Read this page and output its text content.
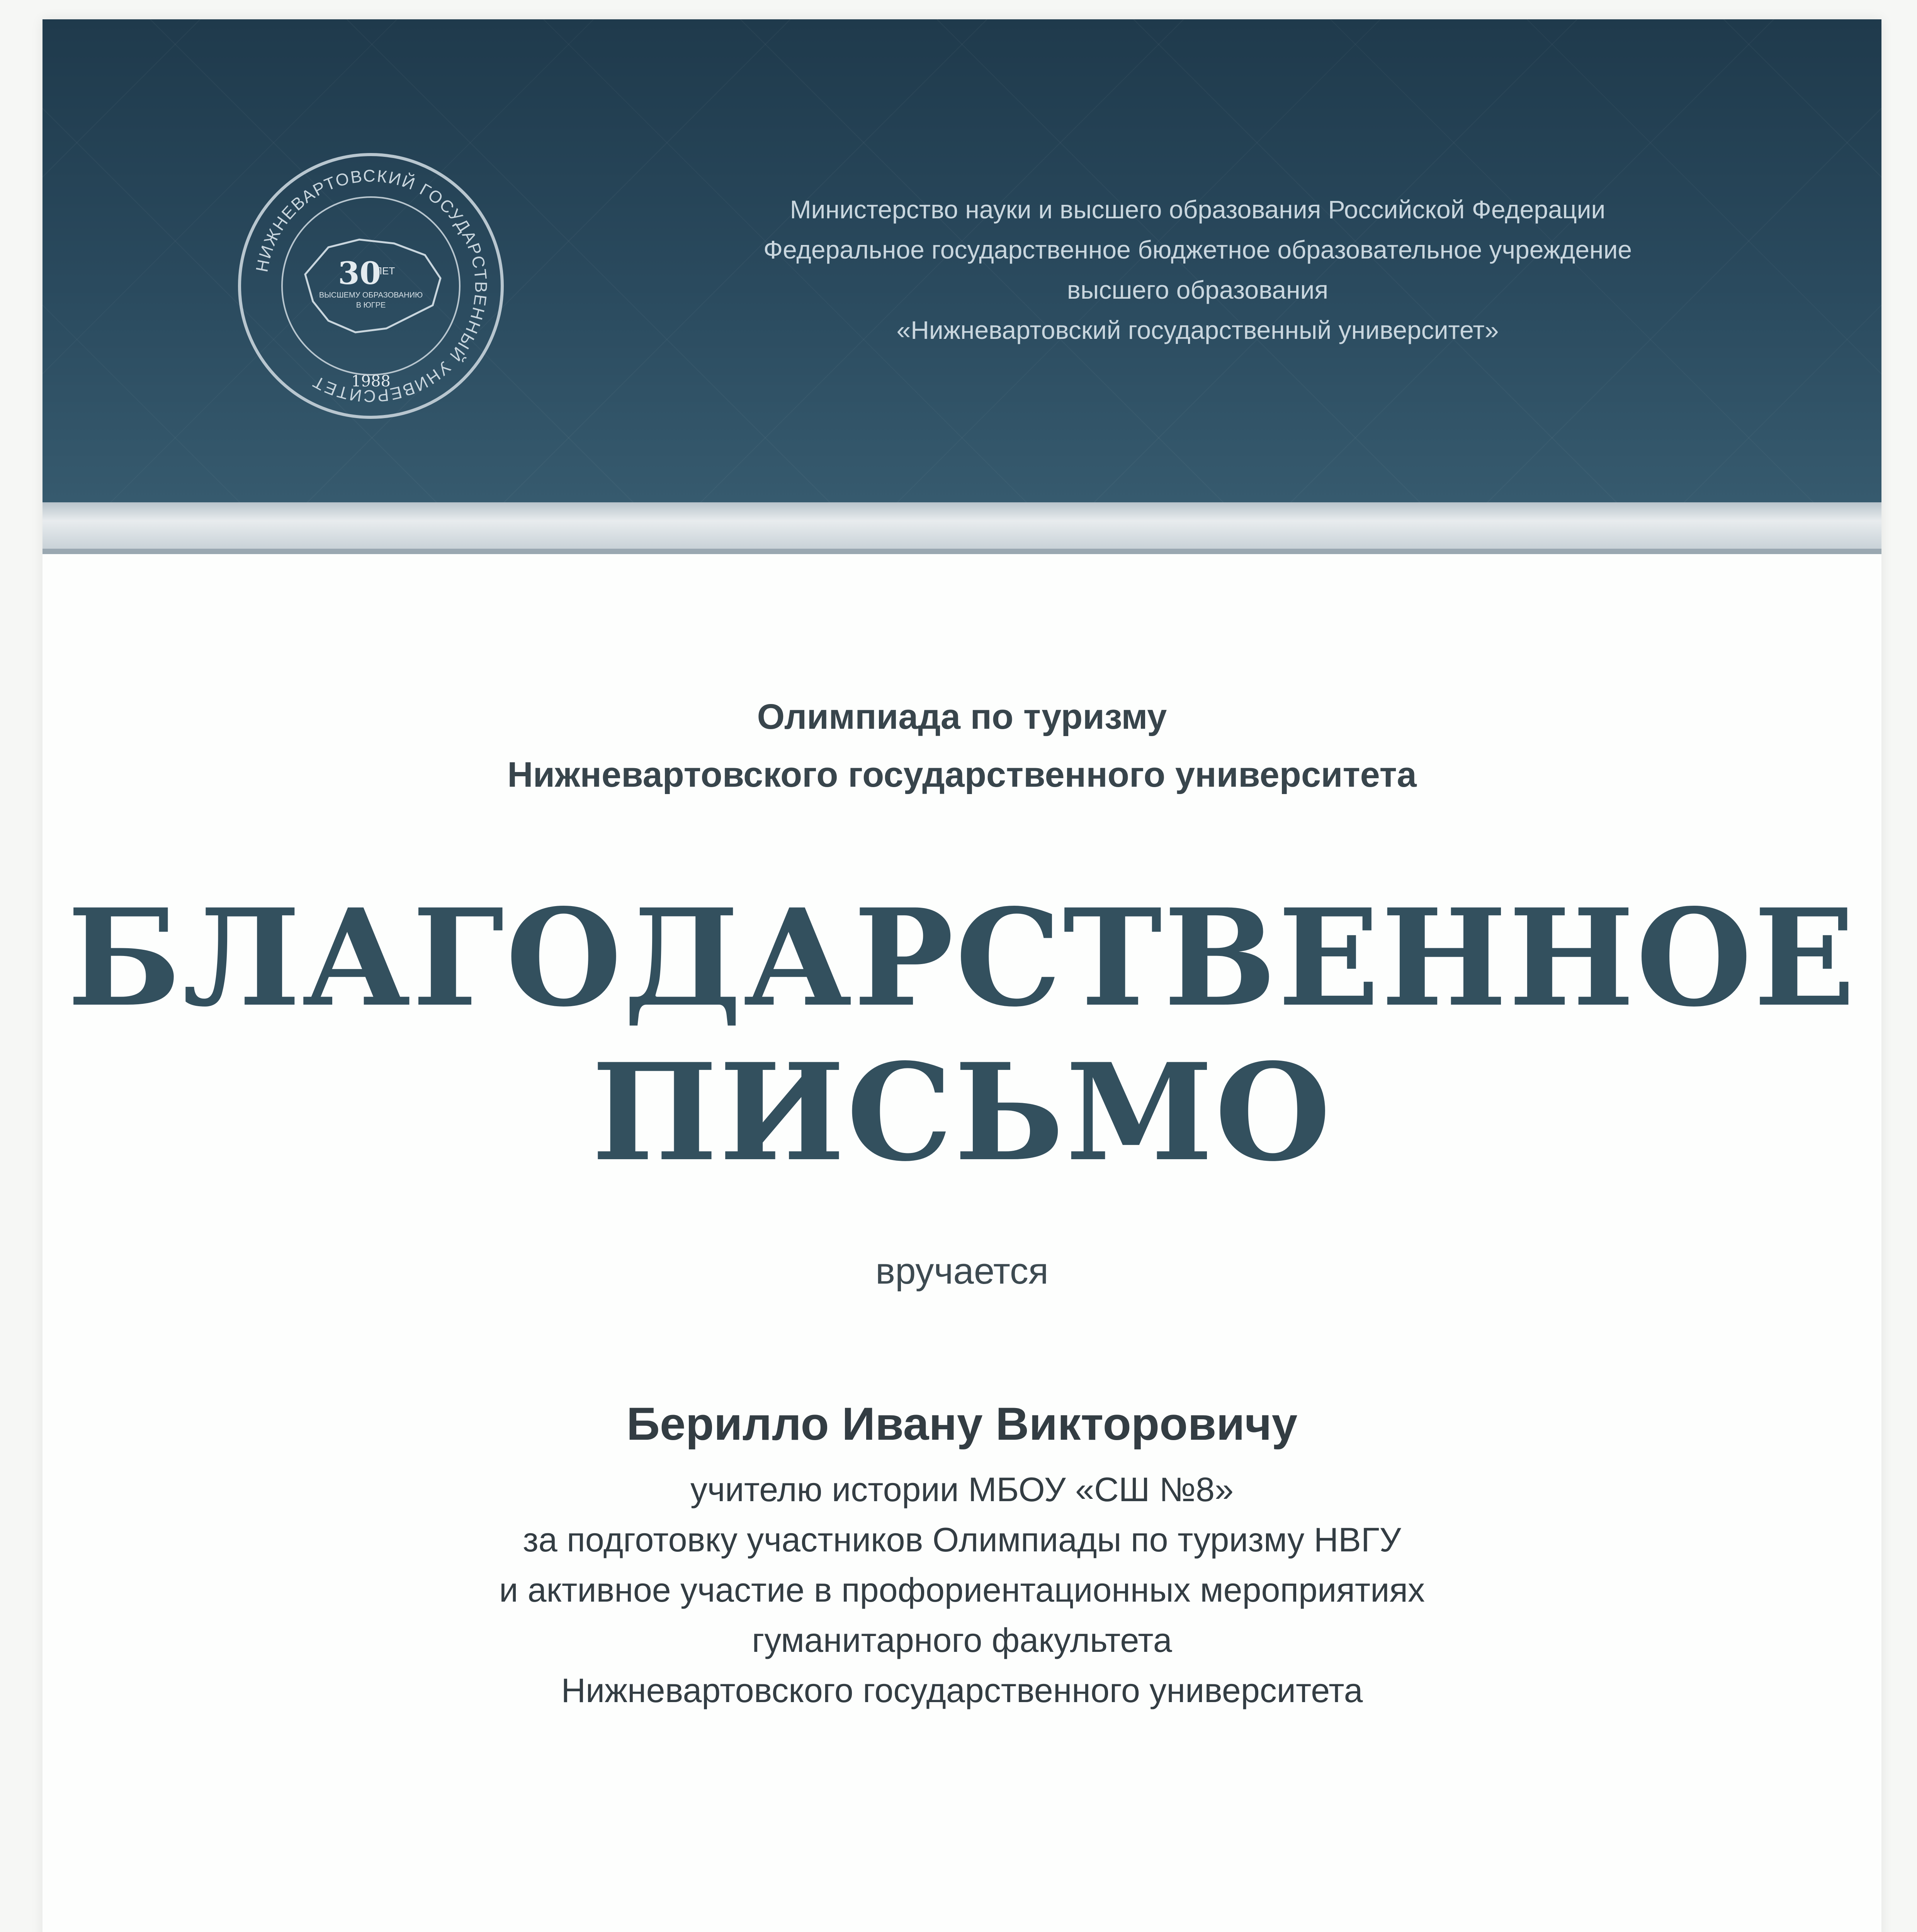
НИЖНЕВАРТОВСКИЙ ГОСУДАРСТВЕННЫЙ УНИВЕРСИТЕТ
30
ЛЕТ
ВЫСШЕМУ ОБРАЗОВАНИЮ
В ЮГРЕ
1988
Министерство науки и высшего образования Российской Федерации
Федеральное государственное бюджетное образовательное учреждение
высшего образования
«Нижневартовский государственный университет»
Олимпиада по туризму
Нижневартовского государственного университета
БЛАГОДАРСТВЕННОЕ
ПИСЬМО
вручается
Берилло Ивану Викторовичу
учителю истории МБОУ «СШ №8»
за подготовку участников Олимпиады по туризму НВГУ
и активное участие в профориентационных мероприятиях
гуманитарного факультета
Нижневартовского государственного университета
